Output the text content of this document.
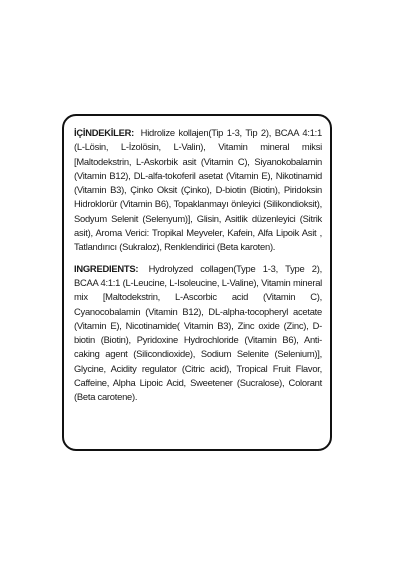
İÇİNDEKİLER: Hidrolize kollajen(Tip 1-3, Tip 2), BCAA 4:1:1 (L-Lösin, L-İzolösin, L-Valin), Vitamin mineral miksi [Maltodekstrin, L-Askorbik asit (Vitamin C), Siyanokobalamin (Vitamin B12), DL-alfa-tokoferil asetat (Vitamin E), Nikotinamid (Vitamin B3), Çinko Oksit (Çinko), D-biotin (Biotin), Piridoksin Hidroklorür (Vitamin B6), Topaklanmayı önleyici (Silikondioksit), Sodyum Selenit (Selenyum)], Glisin, Asitlik düzenleyici (Sitrik asit), Aroma Verici: Tropikal Meyveler, Kafein, Alfa Lipoik Asit , Tatlandırıcı (Sukraloz), Renklendirici (Beta karoten).

INGREDIENTS: Hydrolyzed collagen(Type 1-3, Type 2), BCAA 4:1:1 (L-Leucine, L-Isoleucine, L-Valine), Vitamin mineral mix [Maltodekstrin, L-Ascorbic acid (Vitamin C), Cyanocobalamin (Vitamin B12), DL-alpha-tocopheryl acetate (Vitamin E), Nicotinamide( Vitamin B3), Zinc oxide (Zinc), D- biotin (Biotin), Pyridoxine Hydrochloride (Vitamin B6), Anti-caking agent (Silicondioxide), Sodium Selenite (Selenium)], Glycine, Acidity regulator (Citric acid), Tropical Fruit Flavor, Caffeine, Alpha Lipoic Acid, Sweetener (Sucralose), Colorant (Beta carotene).
